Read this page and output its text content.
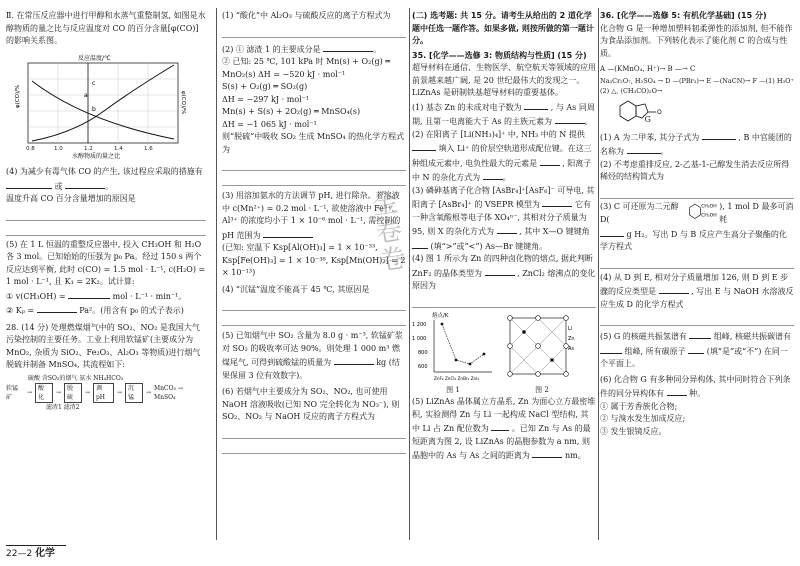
Ⅱ. 在常压反应器中进行甲醇和水蒸气重整制氢, 如图是水醇物质的量之比与反应温度对 CO 的百分含量[φ(CO)]的影响关系图。

a
b
c
反应温度/℃
φ(CO)/%	φ(CO)/%
0.8	1.0	1.2	1.4	1.6
水醇物质的量之比

(4) 为减少有毒气体 CO 的产生, 该过程应采取的措施有  或	。

温度升高 CO 百分含量增加的原因是

(5) 在 1 L 恒温的重整反应器中, 投入 CH₃OH 和 H₂O 各 3 mol。已知始始的压强为 p₀ Pa。经过 150 s 两个反应达到平衡, 此时 c(CO) = 1.5 mol · L⁻¹, c(H₂O) = 1 mol · L⁻¹, 且 K₁ = 2K₂。试计算:

① v(CH₃OH) =	mol · L⁻¹ · min⁻¹。

② Kₚ =	Pa²。(用含有 p₀ 的式子表示)

28. (14 分) 处理燃煤烟气中的 SO₂、NO₂ 是我国大气污染控制的主要任务。工业上利用软锰矿(主要成分为 MnO₂, 杂质为 SiO₂、Fe₂O₃、Al₂O₃ 等物质)进行烟气脱硫并制备 MnSO₄, 其流程如下:

硫酸 含SO₂的烟气 氨水 NH₄HCO₃
软锰矿
→
酸化
→
脱硫
→
调pH
→
沉锰
→
MnCO₃ → MnSO₄
滤渣1 滤渣2

(1) “酸化”中 Al₂O₃ 与硫酸反应的离子方程式为

(2) ① 滤渣 1 的主要成分是	。

② 已知: 25 ℃, 101 kPa 时 Mn(s) + O₂(g) ═

MnO₂(s) ΔH = −520 kJ · mol⁻¹

S(s) + O₂(g) ═ SO₂(g)

ΔH = −297 kJ · mol⁻¹

Mn(s) + S(s) + 2O₂(g) ═ MnSO₄(s)

ΔH = −1 065 kJ · mol⁻¹

则“脱硫”中吸收 SO₂ 生成 MnSO₄ 的热化学方程式为

(3) 用溶加氨水的方法调节 pH, 进行除杂。若溶液中 c(Mn²⁺) = 0.2 mol · L⁻¹, 欲使溶液中 Fe³⁺、Al³⁺ 的浓度均小于 1 × 10⁻⁶ mol · L⁻¹, 需控制的 pH 范围为

(已知: 室温下 Ksp[Al(OH)₃] = 1 × 10⁻³³, Ksp[Fe(OH)₃] = 1 × 10⁻³⁸, Ksp[Mn(OH)₂] = 2 × 10⁻¹³)

(4) “沉锰”温度不能高于 45 ℃, 其原因是

(5) 已知烟气中 SO₂ 含量为 8.0 g · m⁻³, 软锰矿浆对 SO₂ 的吸收率可达 90%。则处理 1 000 m³ 燃煤尾气, 可得到硫酸锰的质量为	kg (结果保留 3 位有效数字)。

(6) 若烟气中主要成分为 SO₂、NO₂, 也可使用 NaOH 溶液吸收(已知 NO 完全转化为 NO₃⁻), 则 SO₂、NO₂ 与 NaOH 反应的离子方程式为

金卷卷

(二) 选考题: 共 15 分。请考生从给出的 2 道化学题中任选一题作答。如果多做, 则按所做的第一题计分。

35. [化学——选修 3: 物质结构与性质] (15 分)

超导材料在通信、生物医学、航空航天等领域的应用前景越来越广阔, 是 20 世纪最伟大的发现之一。LiZnAs 是研制铁基超导材料的重要基体。

(1) 基态 Zn 的未成对电子数为	, 与 As 同周期, 且第一电离能大于 As 的主族元素为	。

(2) 在阳离子 [Li(NH₃)₄]⁺ 中, NH₃ 中的 N 提供  填入 Li⁺ 的价层空轨道形成配位键。在这三种组成元素中, 电负性最大的元素是	, 阳离子中 N 的杂化方式为	。

(3) 磷砷基离子化合物 [AsBr₄]⁺[AsF₆]⁻ 可导电, 其阳离子 [AsBr₄]⁺ 的 VSEPR 模型为	它有一种含氧酸根等电子体 XO₄ⁿ⁻, 其相对分子质量为 95, 则 X 的杂化方式为	, 其中 X—O 键键角  (填“>”或“<”) As—Br 键键角。

(4) 图 1 所示为 Zn 的四种卤化物的熔点, 据此判断 ZnF₂ 的晶体类型为	, ZnCl₂ 熔沸点的变化原因为

熔点/K
1 200
1 000
800
600
ZnF₂ ZnCl₂ ZnBr₂ ZnI₂
图 1
Li
Zn
As
图 2

(5) LiZnAs 晶体属立方晶系, Zn 为面心立方最密堆积, 实验测得 Zn 与 Li 一起构成 NaCl 型结构, 其中 Li 占 Zn 配位数为	。已知 Zn 与 As 的最短距离为图 2, 设 LiZnAs 的晶胞参数为 a nm, 则晶胞中的 As 与 As 之间的距离为	nm。

36. [化学——选修 5: 有机化学基础] (15 分)

化合物 G 是一种增加塑料韧柔弹性的添加剂, 但不能作为食品添加剂。下列转化表示了能化剂 C 的合成与性质。

A —(KMnO₄, H⁺)→ B —→ C

Na₂Cr₂O₇, H₂SO₄ → D —(PBr₃)→ E —(NaCN)→ F —(1) H₃O⁺ (2) △, (CH₃CO)₂O→

O
G

(1) A 为二甲苯, 其分子式为	, B 中官能团的名称为	。

(2) 不考虑重排反应, 2-乙基-1-己醇发生消去反应所得稀烃的结构简式为

(3) C 可还原为二元醇 D(
CH₂OH
CH₂OH
), 1 mol D 最多可消耗

g H₂。写出 D 与 B 反应产生高分子聚酯的化学方程式

(4) 从 D 到 E, 相对分子质量增加 126, 则 D 到 E 步骤的反应类型是	, 写出 E 与 NaOH 水溶液反应生成 D 的化学方程式

(5) G 的核磁共振氢谱有	组峰, 核磁共振碳谱有  组峰, 所有碳原子	(填“是”或“不”) 在同一个平面上。

(6) 化合物 G 有多种同分异构体, 其中同时符合下列条件的同分异构体有	种。

① 属于芳香族化合物;

② 与溴水发生加成反应;

③ 发生银镜反应。

22—2 化学
